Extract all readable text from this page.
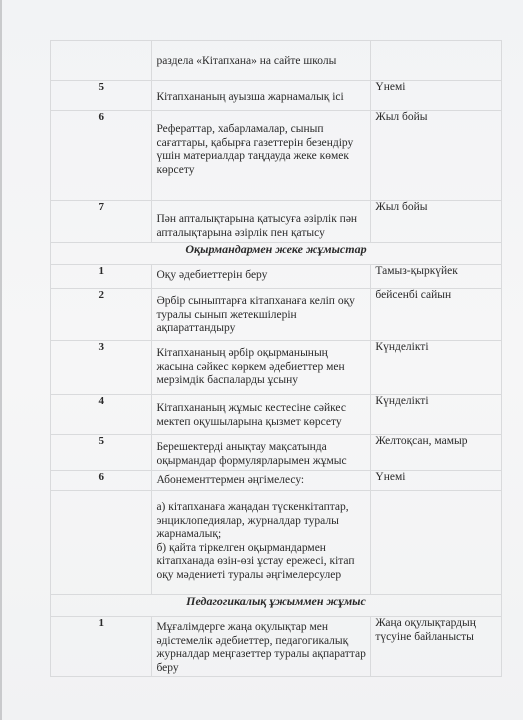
	раздела «Кітапхана» на сайте школы	
5	Кітапхананың ауызша жарнамалық ісі	Үнемі
6	Рефераттар, хабарламалар, сынып сағаттары, қабырға газеттерін безендіру үшін материалдар таңдауда жеке көмек көрсету	Жыл бойы
7	Пән апталықтарына қатысуға әзірлік пән апталықтарына әзірлік пен қатысу	Жыл бойы
Оқырмандармен жеке жұмыстар		
1	Оқу әдебиеттерін беру	Тамыз-қыркүйек
2	Әрбір сыныптарға кітапханаға келіп оқу туралы сынып жетекшілерін ақпараттандыру	бейсенбі сайын
3	Кітапхананың әрбір оқырманының жасына сәйкес көркем әдебиеттер мен мерзімдік баспаларды ұсыну	Күнделікті
4	Кітапхананың жұмыс кестесіне сәйкес мектеп оқушыларына қызмет көрсету	Күнделікті
5	Берешектерді анықтау мақсатында оқырмандар формулярларымен жұмыс	Желтоқсан, мамыр
6	Абонементтермен әңгімелесу:	Үнемі
	а) кітапханаға жаңадан түскенкітаптар, энциклопедиялар, журналдар туралы жарнамалық;
б) қайта тіркелген оқырмандармен кітапханада өзін-өзі ұстау ережесі, кітап оқу мәдениеті туралы әңгімелерсулер	
Педагогикалық ұжыммен жұмыс		
1	Мұғалімдерге жаңа оқулықтар мен әдістемелік әдебиеттер, педагогикалық журналдар меңгазеттер туралы ақпараттар беру	Жаңа оқулықтардың түсуіне байланысты
